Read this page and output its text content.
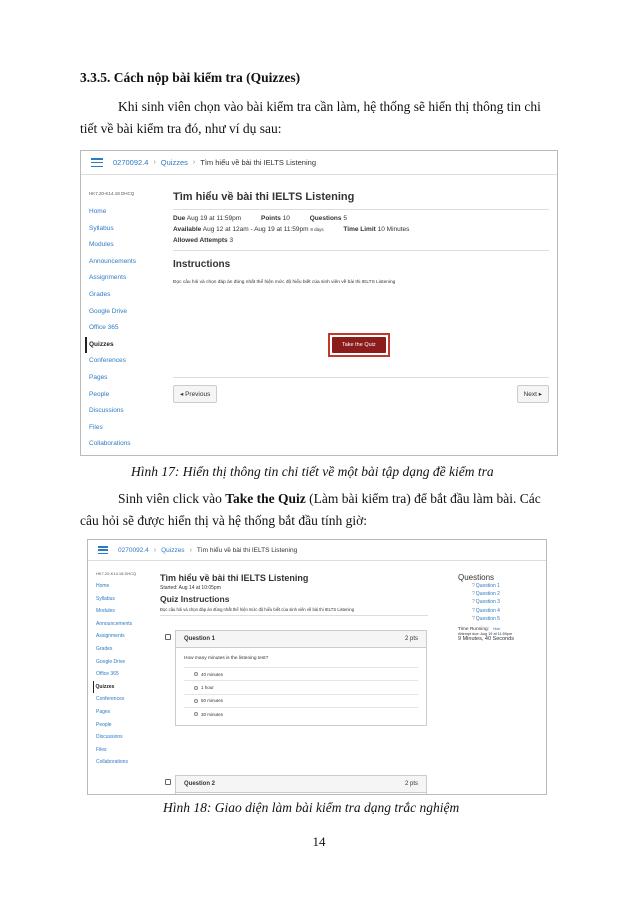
3.3.5. Cách nộp bài kiểm tra (Quizzes)
Khi sinh viên chọn vào bài kiểm tra cần làm, hệ thống sẽ hiển thị thông tin chi
tiết về bài kiểm tra đó, như ví dụ sau:
0270092.4 › Quizzes › Tìm hiểu về bài thi IELTS Listening
HK7.20-K14.18 DHCQ
Home
Syllabus
Modules
Announcements
Assignments
Grades
Google Drive
Office 365
Quizzes
Conferences
Pages
People
Discussions
Files
Collaborations
Tìm hiểu về bài thi IELTS Listening
Due Aug 19 at 11:59pm	Points 10	Questions 5
Available Aug 12 at 12am - Aug 19 at 11:59pm 8 days	Time Limit 10 Minutes
Allowed Attempts 3
Instructions
Đọc câu hỏi và chọn đáp án đúng nhất thể hiện mức độ hiểu biết của sinh viên về bài thi IELTS Listening
Take the Quiz
◂ Previous	Next ▸
Hình 17: Hiển thị thông tin chi tiết về một bài tập dạng đề kiểm tra
Sinh viên click vào Take the Quiz (Làm bài kiểm tra) để bắt đầu làm bài. Các
câu hỏi sẽ được hiển thị và hệ thống bắt đầu tính giờ:
0270092.4 › Quizzes › Tìm hiểu về bài thi IELTS Listening
HK7.20-K14.18 DHCQ
Home
Syllabus
Modules
Announcements
Assignments
Grades
Google Drive
Office 365
Quizzes
Conferences
Pages
People
Discussions
Files
Collaborations
Tìm hiểu về bài thi IELTS Listening
Started: Aug 14 at 10:05pm
Quiz Instructions
Đọc câu hỏi và chọn đáp án đúng nhất thể hiện mức độ hiểu biết của sinh viên về bài thi IELTS Listening
Question 1	2 pts
How many minutes is the listening test?
40 minutes
1 hour
50 minutes
30 minutes
Question 2	2 pts
Questions
?Question 1
?Question 2
?Question 3
?Question 4
?Question 5
Time Running: Hide
Attempt due: Aug 19 at 11:59pm
9 Minutes, 40 Seconds
Hình 18: Giao diện làm bài kiểm tra dạng trắc nghiệm
14
